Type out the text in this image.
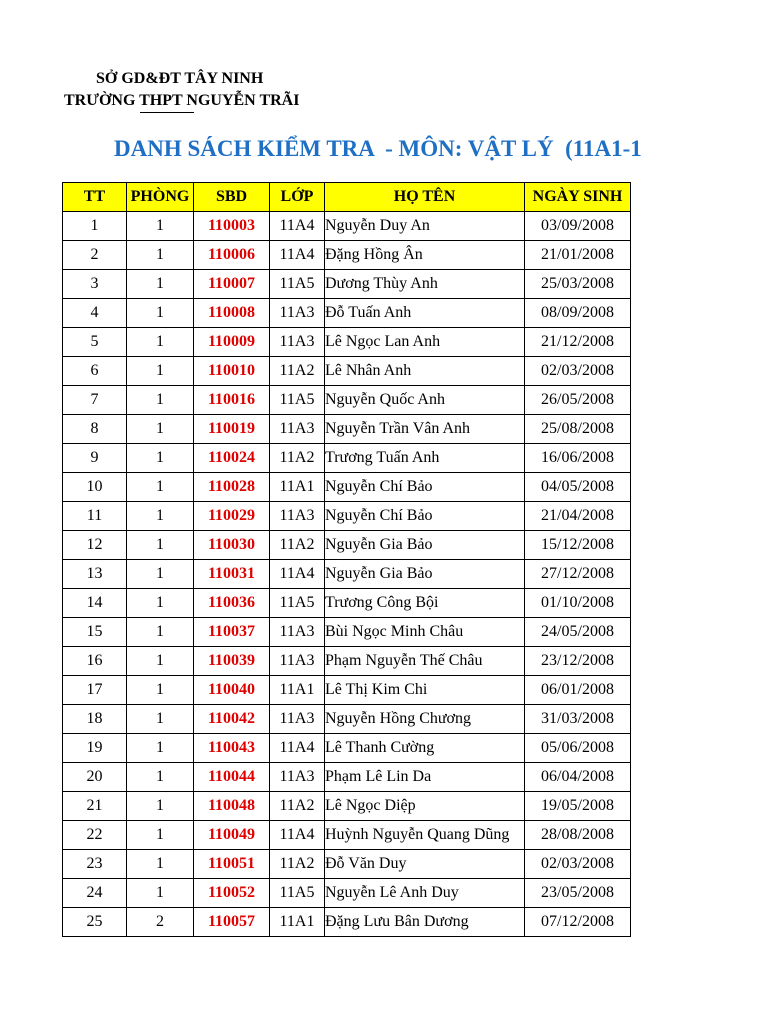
SỞ GD&ĐT TÂY NINH
TRƯỜNG THPT NGUYỄN TRÃI
DANH SÁCH KIỂM TRA  - MÔN: VẬT LÝ  (11A1-1
TT	PHÒNG	SBD	LỚP	HỌ TÊN	NGÀY SINH
1	1	110003	11A4	Nguyễn Duy An	03/09/2008
2	1	110006	11A4	Đặng Hồng Ân	21/01/2008
3	1	110007	11A5	Dương Thùy Anh	25/03/2008
4	1	110008	11A3	Đỗ Tuấn Anh	08/09/2008
5	1	110009	11A3	Lê Ngọc Lan Anh	21/12/2008
6	1	110010	11A2	Lê Nhân Anh	02/03/2008
7	1	110016	11A5	Nguyễn Quốc Anh	26/05/2008
8	1	110019	11A3	Nguyễn Trần Vân Anh	25/08/2008
9	1	110024	11A2	Trương Tuấn Anh	16/06/2008
10	1	110028	11A1	Nguyễn Chí Bảo	04/05/2008
11	1	110029	11A3	Nguyễn Chí Bảo	21/04/2008
12	1	110030	11A2	Nguyễn Gia Bảo	15/12/2008
13	1	110031	11A4	Nguyễn Gia Bảo	27/12/2008
14	1	110036	11A5	Trương Công Bội	01/10/2008
15	1	110037	11A3	Bùi Ngọc Minh Châu	24/05/2008
16	1	110039	11A3	Phạm Nguyễn Thế Châu	23/12/2008
17	1	110040	11A1	Lê Thị Kim Chi	06/01/2008
18	1	110042	11A3	Nguyễn Hồng Chương	31/03/2008
19	1	110043	11A4	Lê Thanh Cường	05/06/2008
20	1	110044	11A3	Phạm Lê Lin Da	06/04/2008
21	1	110048	11A2	Lê Ngọc Diệp	19/05/2008
22	1	110049	11A4	Huỳnh Nguyễn Quang Dũng	28/08/2008
23	1	110051	11A2	Đỗ Văn Duy	02/03/2008
24	1	110052	11A5	Nguyễn Lê Anh Duy	23/05/2008
25	2	110057	11A1	Đặng Lưu Bân Dương	07/12/2008
